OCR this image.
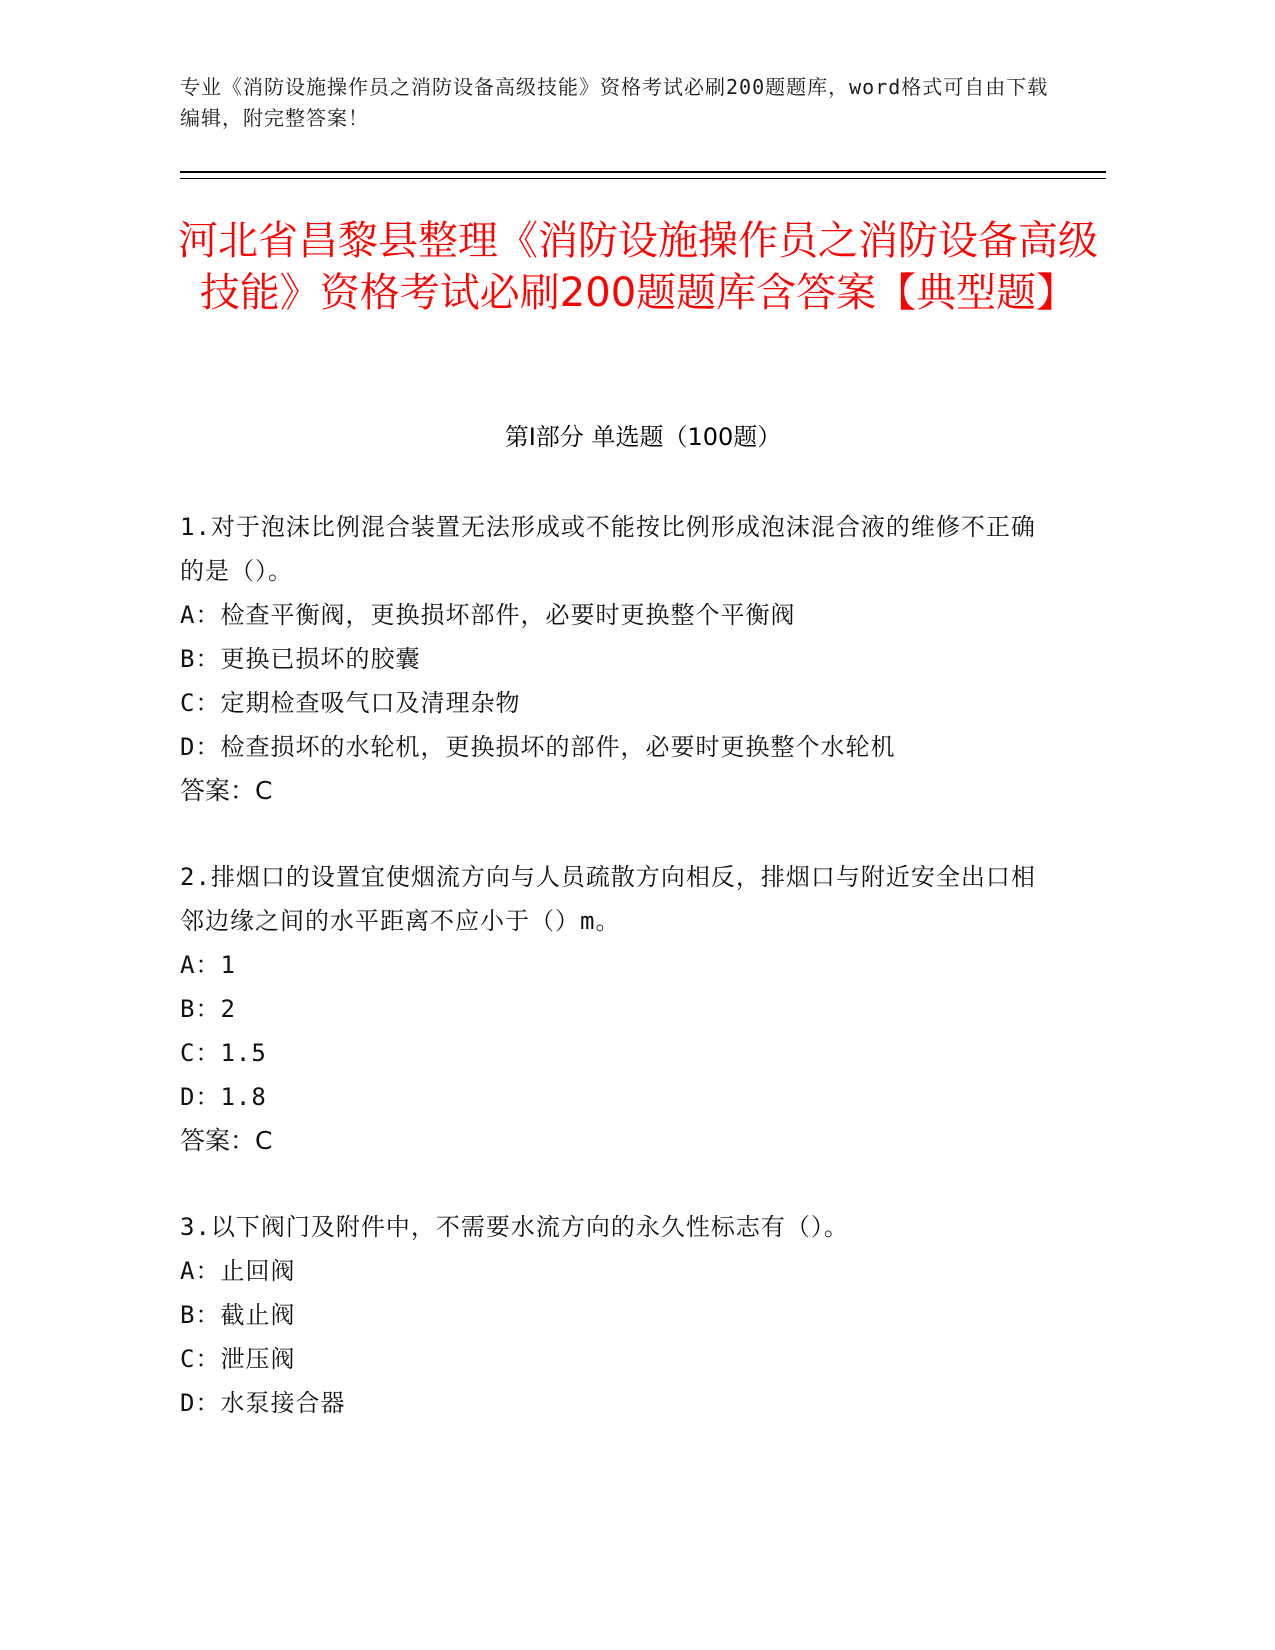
专业《消防设施操作员之消防设备高级技能》资格考试必刷200题题库，word格式可自由下载编辑，附完整答案！
河北省昌黎县整理《消防设施操作员之消防设备高级技能》资格考试必刷200题题库含答案【典型题】
第Ⅰ部分 单选题（100题）
1.对于泡沫比例混合装置无法形成或不能按比例形成泡沫混合液的维修不正确的是（）。
A：检查平衡阀，更换损坏部件，必要时更换整个平衡阀
B：更换已损坏的胶囊
C：定期检查吸气口及清理杂物
D：检查损坏的水轮机，更换损坏的部件，必要时更换整个水轮机
答案：C
2.排烟口的设置宜使烟流方向与人员疏散方向相反，排烟口与附近安全出口相邻边缘之间的水平距离不应小于（）m。
A：1
B：2
C：1.5
D：1.8
答案：C
3.以下阀门及附件中，不需要水流方向的永久性标志有（）。
A：止回阀
B：截止阀
C：泄压阀
D：水泵接合器
